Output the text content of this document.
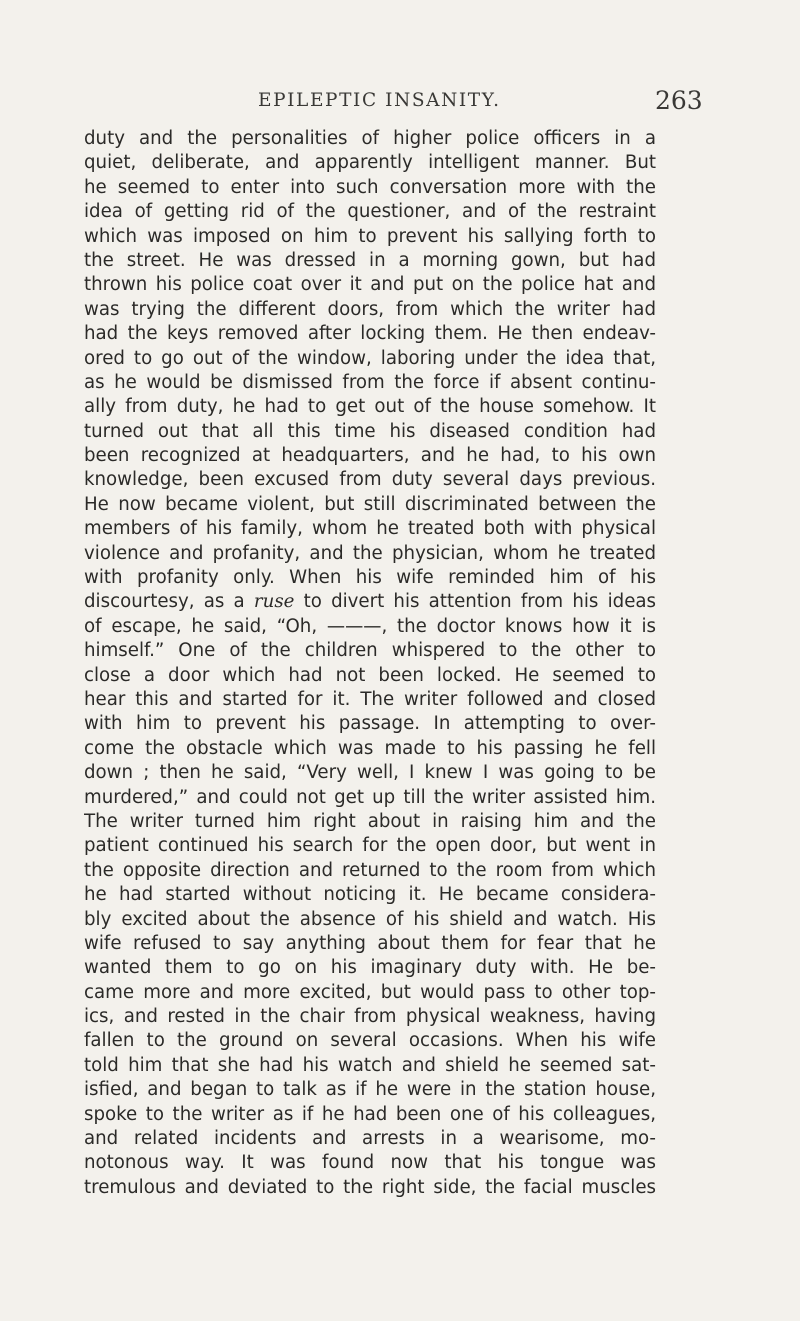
EPILEPTIC INSANITY.	263
duty and the personalities of higher police officers in a
quiet, deliberate, and apparently intelligent manner. But
he seemed to enter into such conversation more with the
idea of getting rid of the questioner, and of the restraint
which was imposed on him to prevent his sallying forth to
the street. He was dressed in a morning gown, but had
thrown his police coat over it and put on the police hat and
was trying the different doors, from which the writer had
had the keys removed after locking them. He then endeav-
ored to go out of the window, laboring under the idea that,
as he would be dismissed from the force if absent continu-
ally from duty, he had to get out of the house somehow. It
turned out that all this time his diseased condition had
been recognized at headquarters, and he had, to his own
knowledge, been excused from duty several days previous.
He now became violent, but still discriminated between the
members of his family, whom he treated both with physical
violence and profanity, and the physician, whom he treated
with profanity only. When his wife reminded him of his
discourtesy, as a ruse to divert his attention from his ideas
of escape, he said, “Oh, ———, the doctor knows how it is
himself.” One of the children whispered to the other to
close a door which had not been locked. He seemed to
hear this and started for it. The writer followed and closed
with him to prevent his passage. In attempting to over-
come the obstacle which was made to his passing he fell
down ; then he said, “Very well, I knew I was going to be
murdered,” and could not get up till the writer assisted him.
The writer turned him right about in raising him and the
patient continued his search for the open door, but went in
the opposite direction and returned to the room from which
he had started without noticing it. He became considera-
bly excited about the absence of his shield and watch. His
wife refused to say anything about them for fear that he
wanted them to go on his imaginary duty with. He be-
came more and more excited, but would pass to other top-
ics, and rested in the chair from physical weakness, having
fallen to the ground on several occasions. When his wife
told him that she had his watch and shield he seemed sat-
isfied, and began to talk as if he were in the station house,
spoke to the writer as if he had been one of his colleagues,
and related incidents and arrests in a wearisome, mo-
notonous way. It was found now that his tongue was
tremulous and deviated to the right side, the facial muscles
